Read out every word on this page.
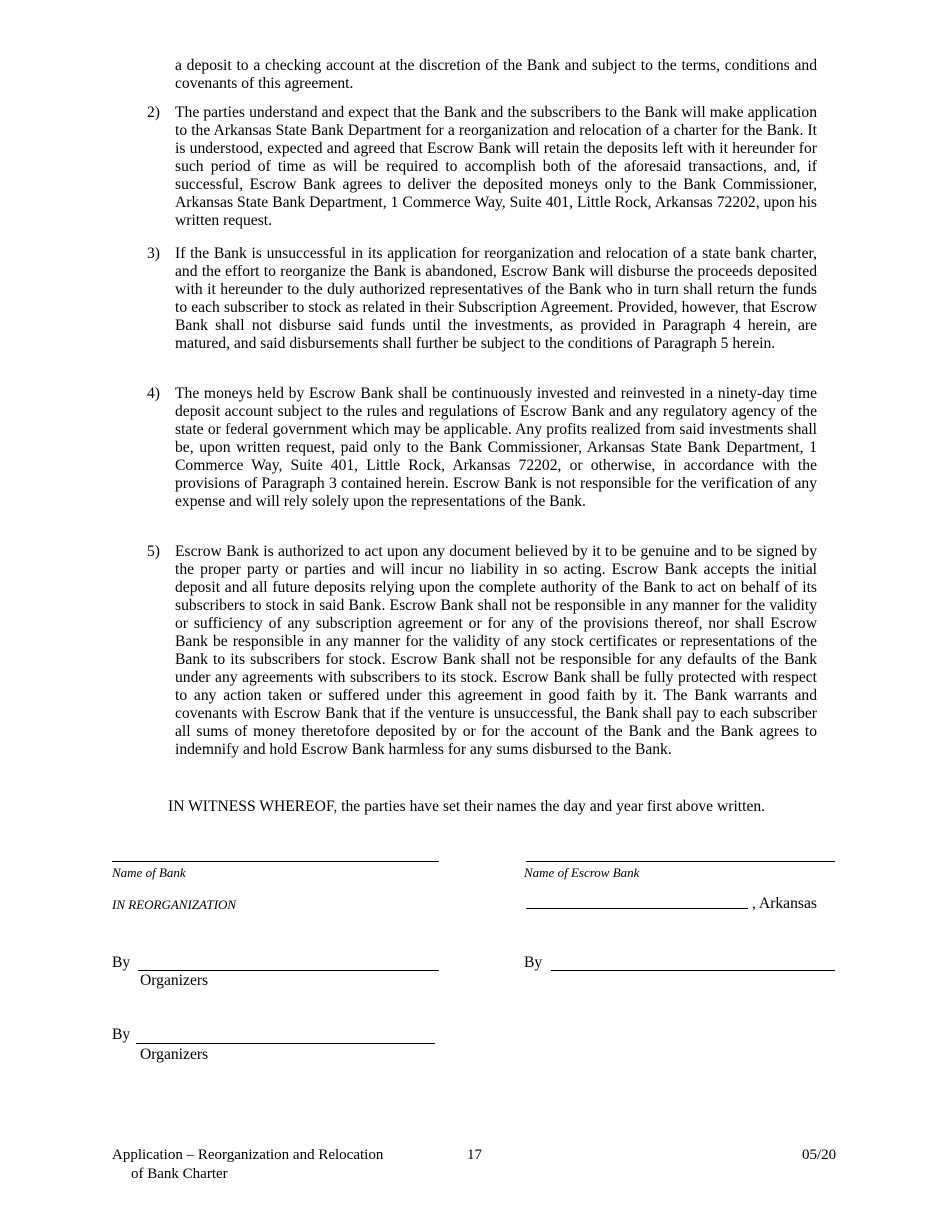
a deposit to a checking account at the discretion of the Bank and subject to the terms, conditions and covenants of this agreement.
2) The parties understand and expect that the Bank and the subscribers to the Bank will make application to the Arkansas State Bank Department for a reorganization and relocation of a charter for the Bank. It is understood, expected and agreed that Escrow Bank will retain the deposits left with it hereunder for such period of time as will be required to accomplish both of the aforesaid transactions, and, if successful, Escrow Bank agrees to deliver the deposited moneys only to the Bank Commissioner, Arkansas State Bank Department, 1 Commerce Way, Suite 401, Little Rock, Arkansas 72202, upon his written request.
3) If the Bank is unsuccessful in its application for reorganization and relocation of a state bank charter, and the effort to reorganize the Bank is abandoned, Escrow Bank will disburse the proceeds deposited with it hereunder to the duly authorized representatives of the Bank who in turn shall return the funds to each subscriber to stock as related in their Subscription Agreement. Provided, however, that Escrow Bank shall not disburse said funds until the investments, as provided in Paragraph 4 herein, are matured, and said disbursements shall further be subject to the conditions of Paragraph 5 herein.
4) The moneys held by Escrow Bank shall be continuously invested and reinvested in a ninety-day time deposit account subject to the rules and regulations of Escrow Bank and any regulatory agency of the state or federal government which may be applicable. Any profits realized from said investments shall be, upon written request, paid only to the Bank Commissioner, Arkansas State Bank Department, 1 Commerce Way, Suite 401, Little Rock, Arkansas 72202, or otherwise, in accordance with the provisions of Paragraph 3 contained herein. Escrow Bank is not responsible for the verification of any expense and will rely solely upon the representations of the Bank.
5) Escrow Bank is authorized to act upon any document believed by it to be genuine and to be signed by the proper party or parties and will incur no liability in so acting. Escrow Bank accepts the initial deposit and all future deposits relying upon the complete authority of the Bank to act on behalf of its subscribers to stock in said Bank. Escrow Bank shall not be responsible in any manner for the validity or sufficiency of any subscription agreement or for any of the provisions thereof, nor shall Escrow Bank be responsible in any manner for the validity of any stock certificates or representations of the Bank to its subscribers for stock. Escrow Bank shall not be responsible for any defaults of the Bank under any agreements with subscribers to its stock. Escrow Bank shall be fully protected with respect to any action taken or suffered under this agreement in good faith by it. The Bank warrants and covenants with Escrow Bank that if the venture is unsuccessful, the Bank shall pay to each subscriber all sums of money theretofore deposited by or for the account of the Bank and the Bank agrees to indemnify and hold Escrow Bank harmless for any sums disbursed to the Bank.
IN WITNESS WHEREOF, the parties have set their names the day and year first above written.
Name of Bank
IN REORGANIZATION
By
Organizers
By
Organizers
Name of Escrow Bank
, Arkansas
By
Application – Reorganization and Relocation
of Bank Charter
17	05/20
